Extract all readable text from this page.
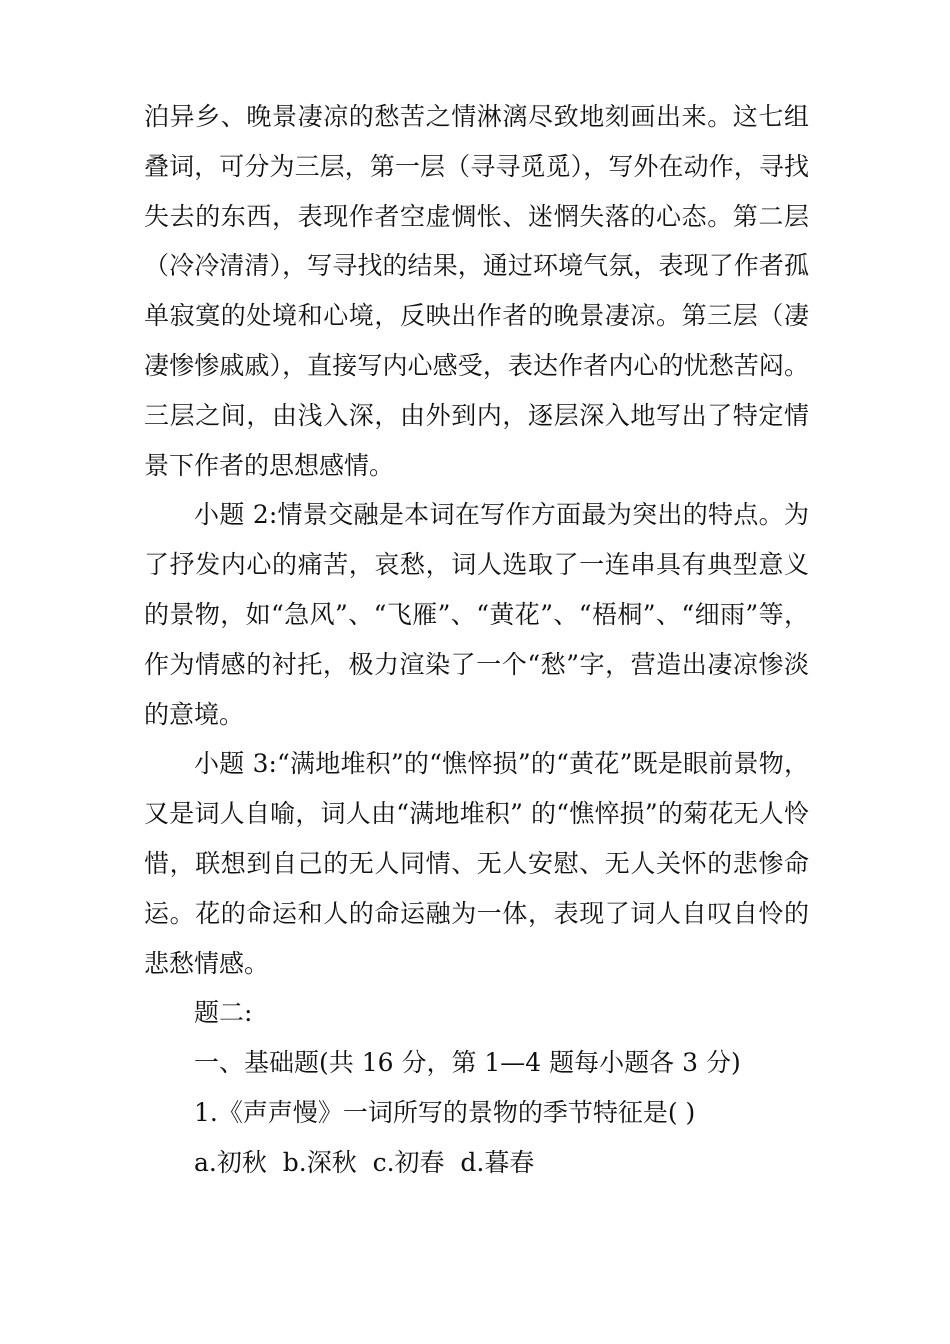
泊异乡、晚景凄凉的愁苦之情淋漓尽致地刻画出来。这七组叠词，可分为三层，第一层（寻寻觅觅），写外在动作，寻找失去的东西，表现作者空虚惆怅、迷惘失落的心态。第二层（冷冷清清），写寻找的结果，通过环境气氛，表现了作者孤单寂寞的处境和心境，反映出作者的晚景凄凉。第三层（凄凄惨惨戚戚），直接写内心感受，表达作者内心的忧愁苦闷。三层之间，由浅入深，由外到内，逐层深入地写出了特定情景下作者的思想感情。

小题 2:情景交融是本词在写作方面最为突出的特点。为了抒发内心的痛苦，哀愁，词人选取了一连串具有典型意义的景物，如“急风”、“飞雁”、“黄花”、“梧桐”、“细雨”等，作为情感的衬托，极力渲染了一个“愁”字，营造出凄凉惨淡的意境。

小题 3:“满地堆积”的“憔悴损”的“黄花”既是眼前景物，又是词人自喻，词人由“满地堆积” 的“憔悴损”的菊花无人怜惜，联想到自己的无人同情、无人安慰、无人关怀的悲惨命运。花的命运和人的命运融为一体，表现了词人自叹自怜的悲愁情感。

题二:

一、基础题(共 16 分，第 1—4 题每小题各 3 分)

1.《声声慢》一词所写的景物的季节特征是( )

a.初秋  b.深秋  c.初春  d.暮春
